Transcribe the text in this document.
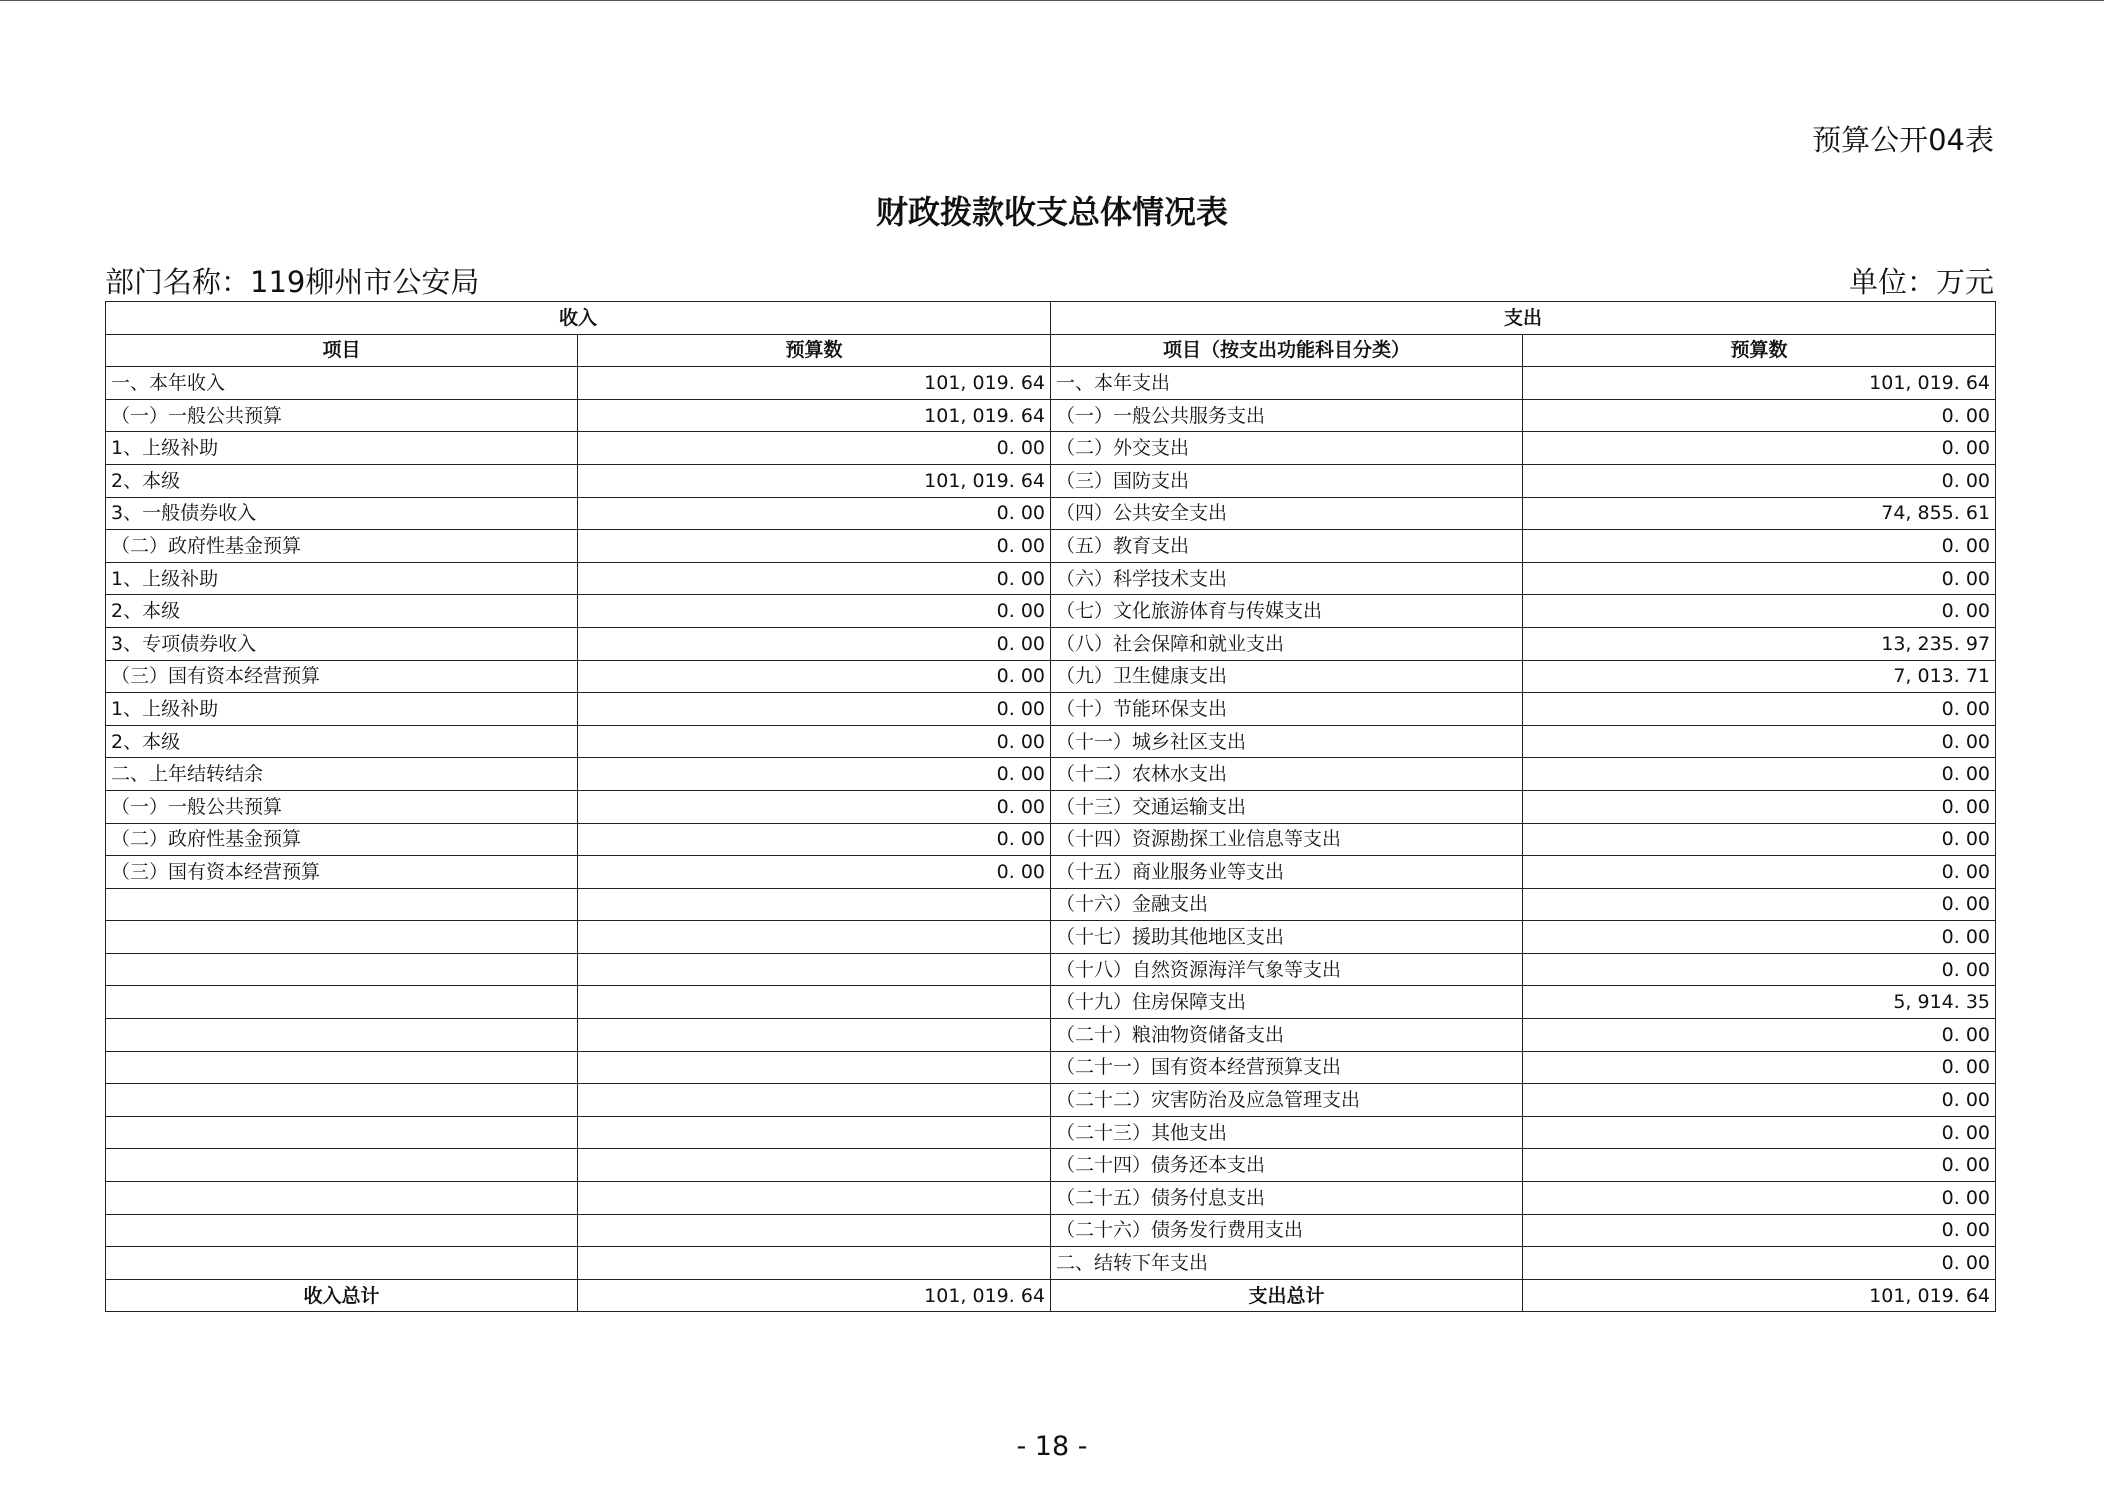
预算公开04表
财政拨款收支总体情况表
部门名称：119柳州市公安局	单位：万元
收入		支出	
项目	预算数	项目（按支出功能科目分类）	预算数
一、本年收入	101, 019. 64	一、本年支出	101, 019. 64
（一）一般公共预算	101, 019. 64	（一）一般公共服务支出	0. 00
1、上级补助	0. 00	（二）外交支出	0. 00
2、本级	101, 019. 64	（三）国防支出	0. 00
3、一般债券收入	0. 00	（四）公共安全支出	74, 855. 61
（二）政府性基金预算	0. 00	（五）教育支出	0. 00
1、上级补助	0. 00	（六）科学技术支出	0. 00
2、本级	0. 00	（七）文化旅游体育与传媒支出	0. 00
3、专项债券收入	0. 00	（八）社会保障和就业支出	13, 235. 97
（三）国有资本经营预算	0. 00	（九）卫生健康支出	7, 013. 71
1、上级补助	0. 00	（十）节能环保支出	0. 00
2、本级	0. 00	（十一）城乡社区支出	0. 00
二、上年结转结余	0. 00	（十二）农林水支出	0. 00
（一）一般公共预算	0. 00	（十三）交通运输支出	0. 00
（二）政府性基金预算	0. 00	（十四）资源勘探工业信息等支出	0. 00
（三）国有资本经营预算	0. 00	（十五）商业服务业等支出	0. 00
		（十六）金融支出	0. 00
		（十七）援助其他地区支出	0. 00
		（十八）自然资源海洋气象等支出	0. 00
		（十九）住房保障支出	5, 914. 35
		（二十）粮油物资储备支出	0. 00
		（二十一）国有资本经营预算支出	0. 00
		（二十二）灾害防治及应急管理支出	0. 00
		（二十三）其他支出	0. 00
		（二十四）债务还本支出	0. 00
		（二十五）债务付息支出	0. 00
		（二十六）债务发行费用支出	0. 00
		二、结转下年支出	0. 00
收入总计	101, 019. 64	支出总计	101, 019. 64
- 18 -
